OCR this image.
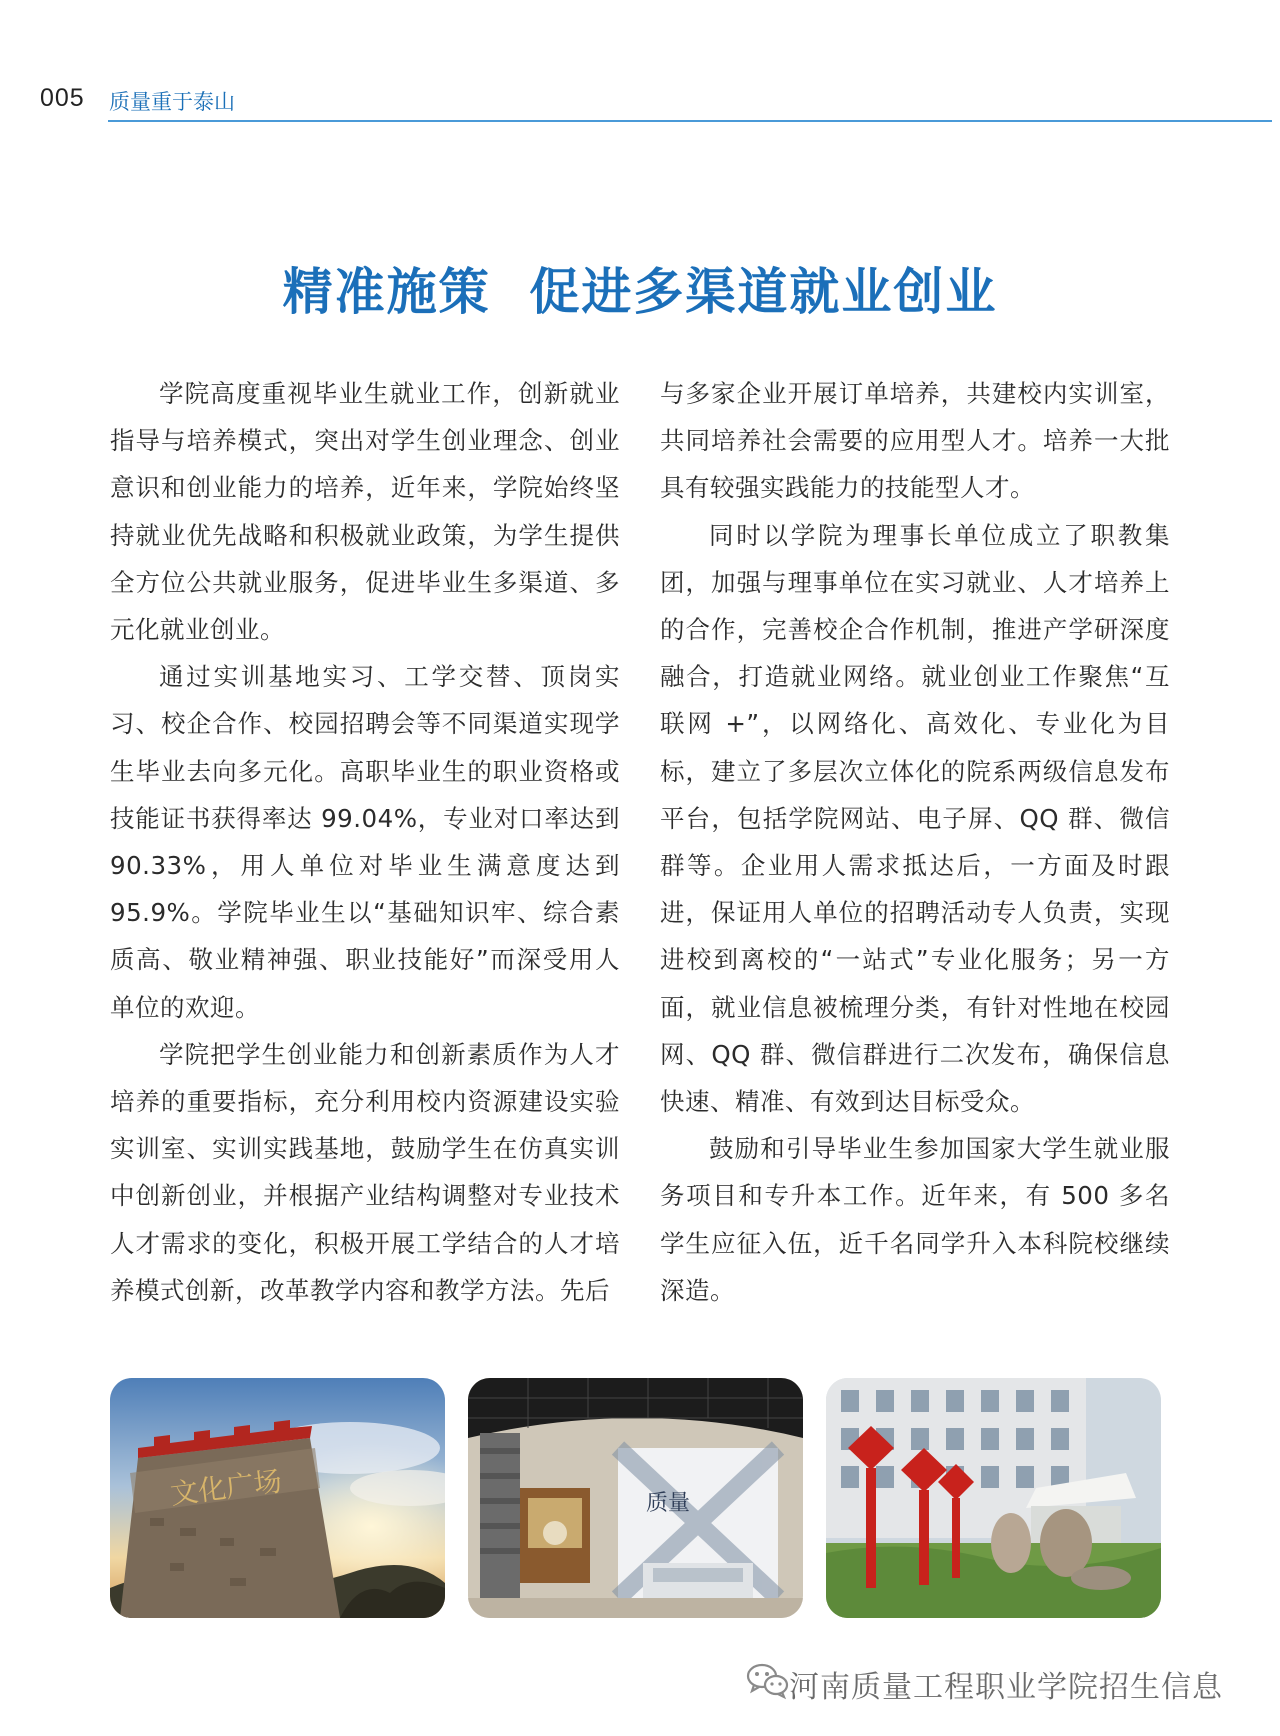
005 质量重于泰山
精准施策  促进多渠道就业创业

学院高度重视毕业生就业工作，创新就业指导与培养模式，突出对学生创业理念、创业意识和创业能力的培养，近年来，学院始终坚持就业优先战略和积极就业政策，为学生提供全方位公共就业服务，促进毕业生多渠道、多元化就业创业。

通过实训基地实习、工学交替、顶岗实习、校企合作、校园招聘会等不同渠道实现学生毕业去向多元化。高职毕业生的职业资格或技能证书获得率达 99.04%，专业对口率达到 90.33%，用人单位对毕业生满意度达到 95.9%。学院毕业生以“基础知识牢、综合素质高、敬业精神强、职业技能好”而深受用人单位的欢迎。

学院把学生创业能力和创新素质作为人才培养的重要指标，充分利用校内资源建设实验实训室、实训实践基地，鼓励学生在仿真实训中创新创业，并根据产业结构调整对专业技术人才需求的变化，积极开展工学结合的人才培养模式创新，改革教学内容和教学方法。先后

与多家企业开展订单培养，共建校内实训室，共同培养社会需要的应用型人才。培养一大批具有较强实践能力的技能型人才。

同时以学院为理事长单位成立了职教集团，加强与理事单位在实习就业、人才培养上的合作，完善校企合作机制，推进产学研深度融合，打造就业网络。就业创业工作聚焦“互联网 +”，以网络化、高效化、专业化为目标，建立了多层次立体化的院系两级信息发布平台，包括学院网站、电子屏、QQ 群、微信群等。企业用人需求抵达后，一方面及时跟进，保证用人单位的招聘活动专人负责，实现进校到离校的“一站式”专业化服务；另一方面，就业信息被梳理分类，有针对性地在校园网、QQ 群、微信群进行二次发布，确保信息快速、精准、有效到达目标受众。

鼓励和引导毕业生参加国家大学生就业服务项目和专升本工作。近年来，有 500 多名学生应征入伍，近千名同学升入本科院校继续深造。

文化广场	质量
河南质量工程职业学院招生信息
